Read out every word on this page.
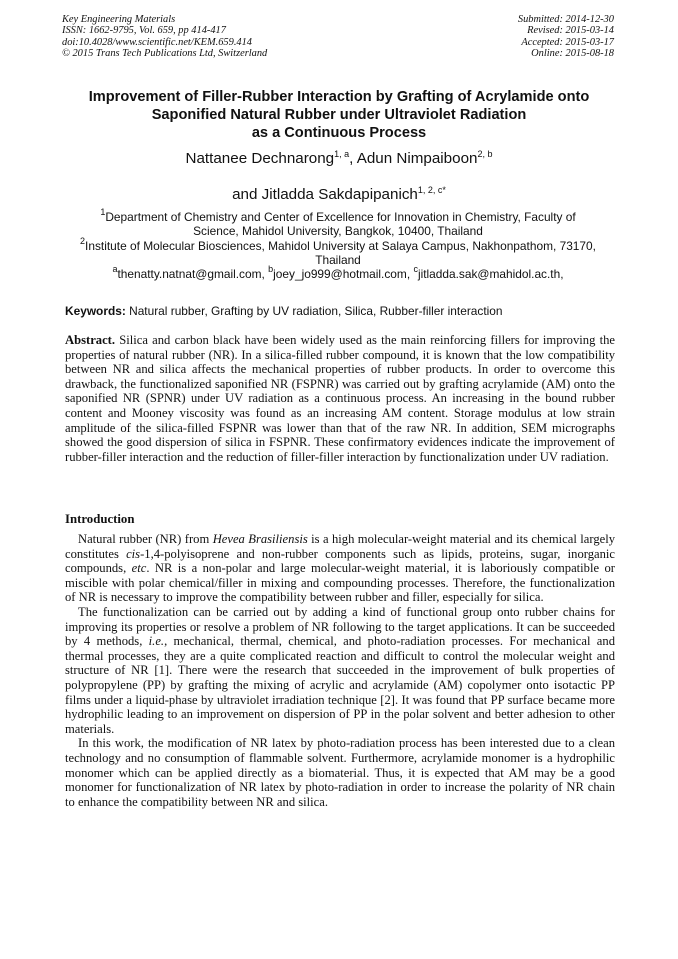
Key Engineering Materials
ISSN: 1662-9795, Vol. 659, pp 414-417
doi:10.4028/www.scientific.net/KEM.659.414
© 2015 Trans Tech Publications Ltd, Switzerland
Submitted: 2014-12-30
Revised: 2015-03-14
Accepted: 2015-03-17
Online: 2015-08-18
Improvement of Filler-Rubber Interaction by Grafting of Acrylamide onto
Saponified Natural Rubber under Ultraviolet Radiation
as a Continuous Process
Nattanee Dechnarong$^{1, a}$, Adun Nimpaiboon$^{2, b}$
and Jitladda Sakdapipanich$^{1, 2, c*}$
$^1$Department of Chemistry and Center of Excellence for Innovation in Chemistry, Faculty of
Science, Mahidol University, Bangkok, 10400, Thailand
$^2$Institute of Molecular Biosciences, Mahidol University at Salaya Campus, Nakhonpathom, 73170,
Thailand
$^a$thenatty.natnat@gmail.com, $^b$joey_jo999@hotmail.com, $^c$jitladda.sak@mahidol.ac.th,
Keywords: Natural rubber, Grafting by UV radiation, Silica, Rubber-filler interaction

Abstract. Silica and carbon black have been widely used as the main reinforcing fillers for improving the properties of natural rubber (NR). In a silica-filled rubber compound, it is known that the low compatibility between NR and silica affects the mechanical properties of rubber products. In order to overcome this drawback, the functionalized saponified NR (FSPNR) was carried out by grafting acrylamide (AM) onto the saponified NR (SPNR) under UV radiation as a continuous process. An increasing in the bound rubber content and Mooney viscosity was found as an increasing AM content. Storage modulus at low strain amplitude of the silica-filled FSPNR was lower than that of the raw NR. In addition, SEM micrographs showed the good dispersion of silica in FSPNR. These confirmatory evidences indicate the improvement of rubber-filler interaction and the reduction of filler-filler interaction by functionalization under UV radiation.

Introduction

Natural rubber (NR) from Hevea Brasiliensis is a high molecular-weight material and its chemical largely constitutes cis-1,4-polyisoprene and non-rubber components such as lipids, proteins, sugar, inorganic compounds, etc. NR is a non-polar and large molecular-weight material, it is laboriously compatible or miscible with polar chemical/filler in mixing and compounding processes. Therefore, the functionalization of NR is necessary to improve the compatibility between rubber and filler, especially for silica.

The functionalization can be carried out by adding a kind of functional group onto rubber chains for improving its properties or resolve a problem of NR following to the target applications. It can be succeeded by 4 methods, i.e., mechanical, thermal, chemical, and photo-radiation processes. For mechanical and thermal processes, they are a quite complicated reaction and difficult to control the molecular weight and structure of NR [1]. There were the research that succeeded in the improvement of bulk properties of polypropylene (PP) by grafting the mixing of acrylic and acrylamide (AM) copolymer onto isotactic PP films under a liquid-phase by ultraviolet irradiation technique [2]. It was found that PP surface became more hydrophilic leading to an improvement on dispersion of PP in the polar solvent and better adhesion to other materials.

In this work, the modification of NR latex by photo-radiation process has been interested due to a clean technology and no consumption of flammable solvent. Furthermore, acrylamide monomer is a hydrophilic monomer which can be applied directly as a biomaterial. Thus, it is expected that AM may be a good monomer for functionalization of NR latex by photo-radiation in order to increase the polarity of NR chain to enhance the compatibility between NR and silica.
